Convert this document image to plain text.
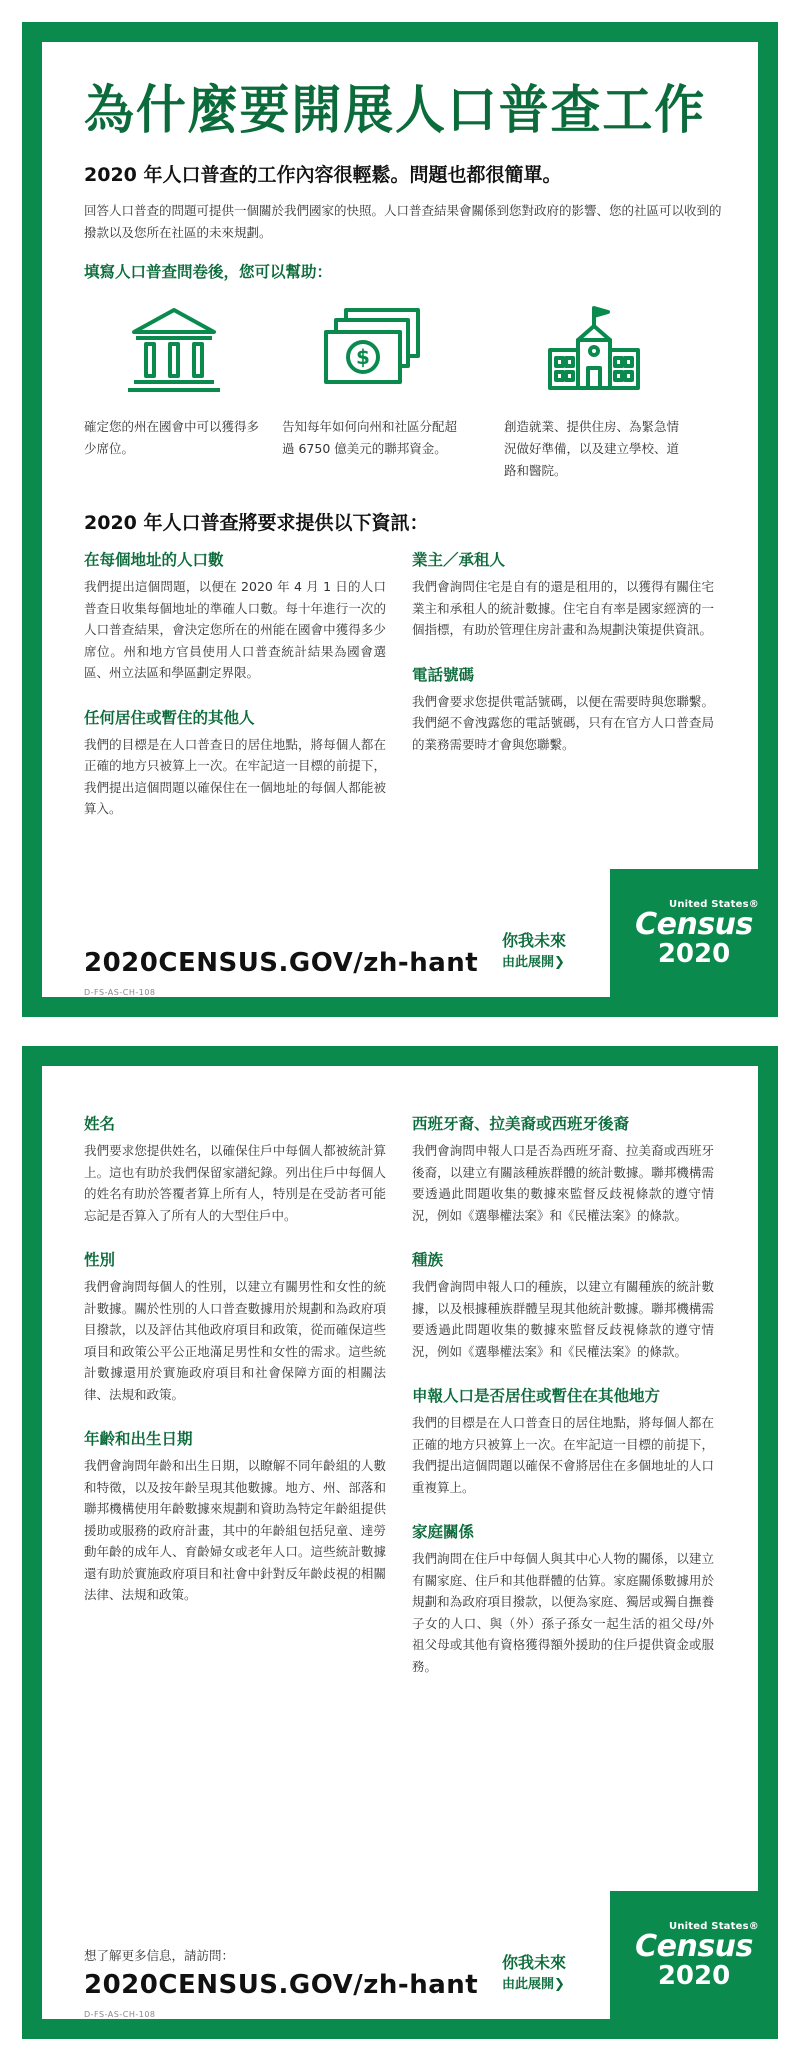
為什麼要開展人口普查工作
2020 年人口普查的工作內容很輕鬆。問題也都很簡單。
回答人口普查的問題可提供一個關於我們國家的快照。人口普查結果會關係到您對政府的影響、您的社區可以收到的撥款以及您所在社區的未來規劃。
填寫人口普查問卷後，您可以幫助：
確定您的州在國會中可以獲得多少席位。
$
告知每年如何向州和社區分配超過 6750 億美元的聯邦資金。
創造就業、提供住房、為緊急情況做好準備，以及建立學校、道路和醫院。
2020 年人口普查將要求提供以下資訊：
在每個地址的人口數
我們提出這個問題，以便在 2020 年 4 月 1 日的人口普查日收集每個地址的準確人口數。每十年進行一次的人口普查結果，會決定您所在的州能在國會中獲得多少席位。州和地方官員使用人口普查統計結果為國會選區、州立法區和學區劃定界限。
任何居住或暫住的其他人
我們的目標是在人口普查日的居住地點，將每個人都在正確的地方只被算上一次。在牢記這一目標的前提下，我們提出這個問題以確保住在一個地址的每個人都能被算入。
業主／承租人
我們會詢問住宅是自有的還是租用的，以獲得有關住宅業主和承租人的統計數據。住宅自有率是國家經濟的一個指標，有助於管理住房計畫和為規劃決策提供資訊。
電話號碼
我們會要求您提供電話號碼，以便在需要時與您聯繫。我們絕不會洩露您的電話號碼，只有在官方人口普查局的業務需要時才會與您聯繫。
2020CENSUS.GOV/zh-hant
D-FS-AS-CH-108
你我未來
由此展開❯
United States®
Census
2020
姓名
我們要求您提供姓名，以確保住戶中每個人都被統計算上。這也有助於我們保留家譜紀錄。列出住戶中每個人的姓名有助於答覆者算上所有人，特別是在受訪者可能忘記是否算入了所有人的大型住戶中。
性別
我們會詢問每個人的性別，以建立有關男性和女性的統計數據。關於性別的人口普查數據用於規劃和為政府項目撥款，以及評估其他政府項目和政策，從而確保這些項目和政策公平公正地滿足男性和女性的需求。這些統計數據還用於實施政府項目和社會保障方面的相關法律、法規和政策。
年齡和出生日期
我們會詢問年齡和出生日期，以瞭解不同年齡組的人數和特徵，以及按年齡呈現其他數據。地方、州、部落和聯邦機構使用年齡數據來規劃和資助為特定年齡組提供援助或服務的政府計畫，其中的年齡組包括兒童、達勞動年齡的成年人、育齡婦女或老年人口。這些統計數據還有助於實施政府項目和社會中針對反年齡歧視的相關法律、法規和政策。
西班牙裔、拉美裔或西班牙後裔
我們會詢問申報人口是否為西班牙裔、拉美裔或西班牙後裔，以建立有關該種族群體的統計數據。聯邦機構需要透過此問題收集的數據來監督反歧視條款的遵守情況，例如《選舉權法案》和《民權法案》的條款。
種族
我們會詢問申報人口的種族，以建立有關種族的統計數據，以及根據種族群體呈現其他統計數據。聯邦機構需要透過此問題收集的數據來監督反歧視條款的遵守情況，例如《選舉權法案》和《民權法案》的條款。
申報人口是否居住或暫住在其他地方
我們的目標是在人口普查日的居住地點，將每個人都在正確的地方只被算上一次。在牢記這一目標的前提下，我們提出這個問題以確保不會將居住在多個地址的人口重複算上。
家庭關係
我們詢問在住戶中每個人與其中心人物的關係，以建立有關家庭、住戶和其他群體的估算。家庭關係數據用於規劃和為政府項目撥款，以便為家庭、獨居或獨自撫養子女的人口、與（外）孫子孫女一起生活的祖父母/外祖父母或其他有資格獲得額外援助的住戶提供資金或服務。
想了解更多信息，請訪問：
2020CENSUS.GOV/zh-hant
D-FS-AS-CH-108
你我未來
由此展開❯
United States®
Census
2020
